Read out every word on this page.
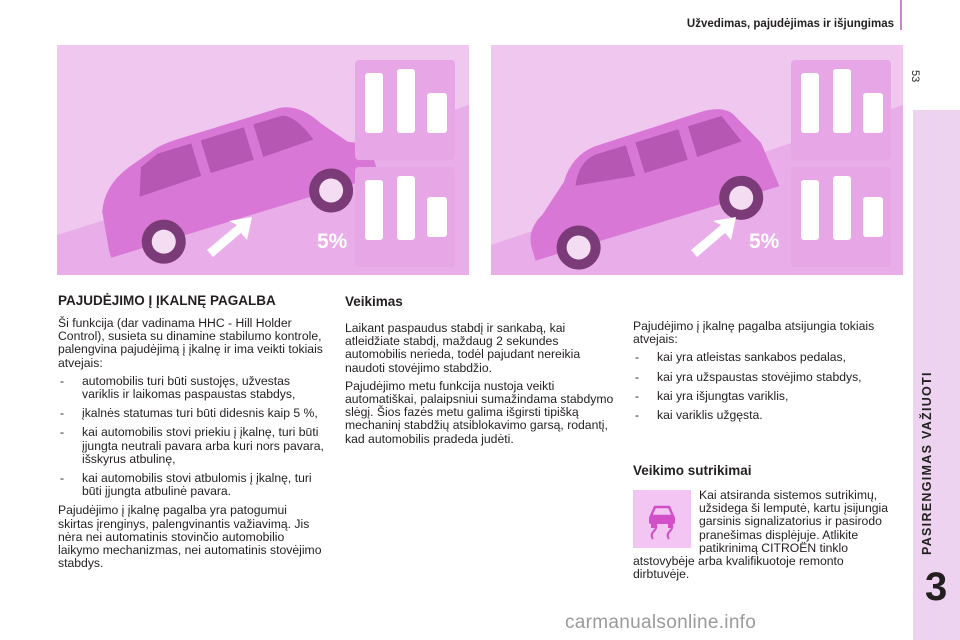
Užvedimas, pajudėjimas ir išjungimas
53
PASIRENGIMAS VAŽIUOTI
3
5%	5%
PAJUDĖJIMO Į ĮKALNĘ PAGALBA

Ši funkcija (dar vadinama HHC - Hill Holder Control), susieta su dinamine stabilumo kontrole, palengvina pajudėjimą į įkalnę ir ima veikti tokiais atvejais:

- automobilis turi būti sustojęs, užvestas variklis ir laikomas paspaustas stabdys,
- įkalnės statumas turi būti didesnis kaip 5 %,
- kai automobilis stovi priekiu į įkalnę, turi būti įjungta neutrali pavara arba kuri nors pavara, išskyrus atbulinę,
- kai automobilis stovi atbulomis į įkalnę, turi būti įjungta atbulinė pavara.

Pajudėjimo į įkalnę pagalba yra patogumui skirtas įrenginys, palengvinantis važiavimą. Jis nėra nei automatinis stovinčio automobilio laikymo mechanizmas, nei automatinis stovėjimo stabdys.

Veikimas

Laikant paspaudus stabdį ir sankabą, kai atleidžiate stabdį, maždaug 2 sekundes automobilis nerieda, todėl pajudant nereikia naudoti stovėjimo stabdžio.

Pajudėjimo metu funkcija nustoja veikti automatiškai, palaipsniui sumažindama stabdymo slėgį. Šios fazės metu galima išgirsti tipišką mechaninį stabdžių atsiblokavimo garsą, rodantį, kad automobilis pradeda judėti.

Pajudėjimo į įkalnę pagalba atsijungia tokiais atvejais:

- kai yra atleistas sankabos pedalas,
- kai yra užspaustas stovėjimo stabdys,
- kai yra išjungtas variklis,
- kai variklis užgęsta.
Veikimo sutrikimai
Kai atsiranda sistemos sutrikimų, užsidega ši lemputė, kartu įsijungia garsinis signalizatorius ir pasirodo pranešimas displėjuje. Atlikite patikrinimą CITROËN tinklo atstovybėje arba kvalifikuotoje remonto dirbtuvėje.
carmanualsonline.info
